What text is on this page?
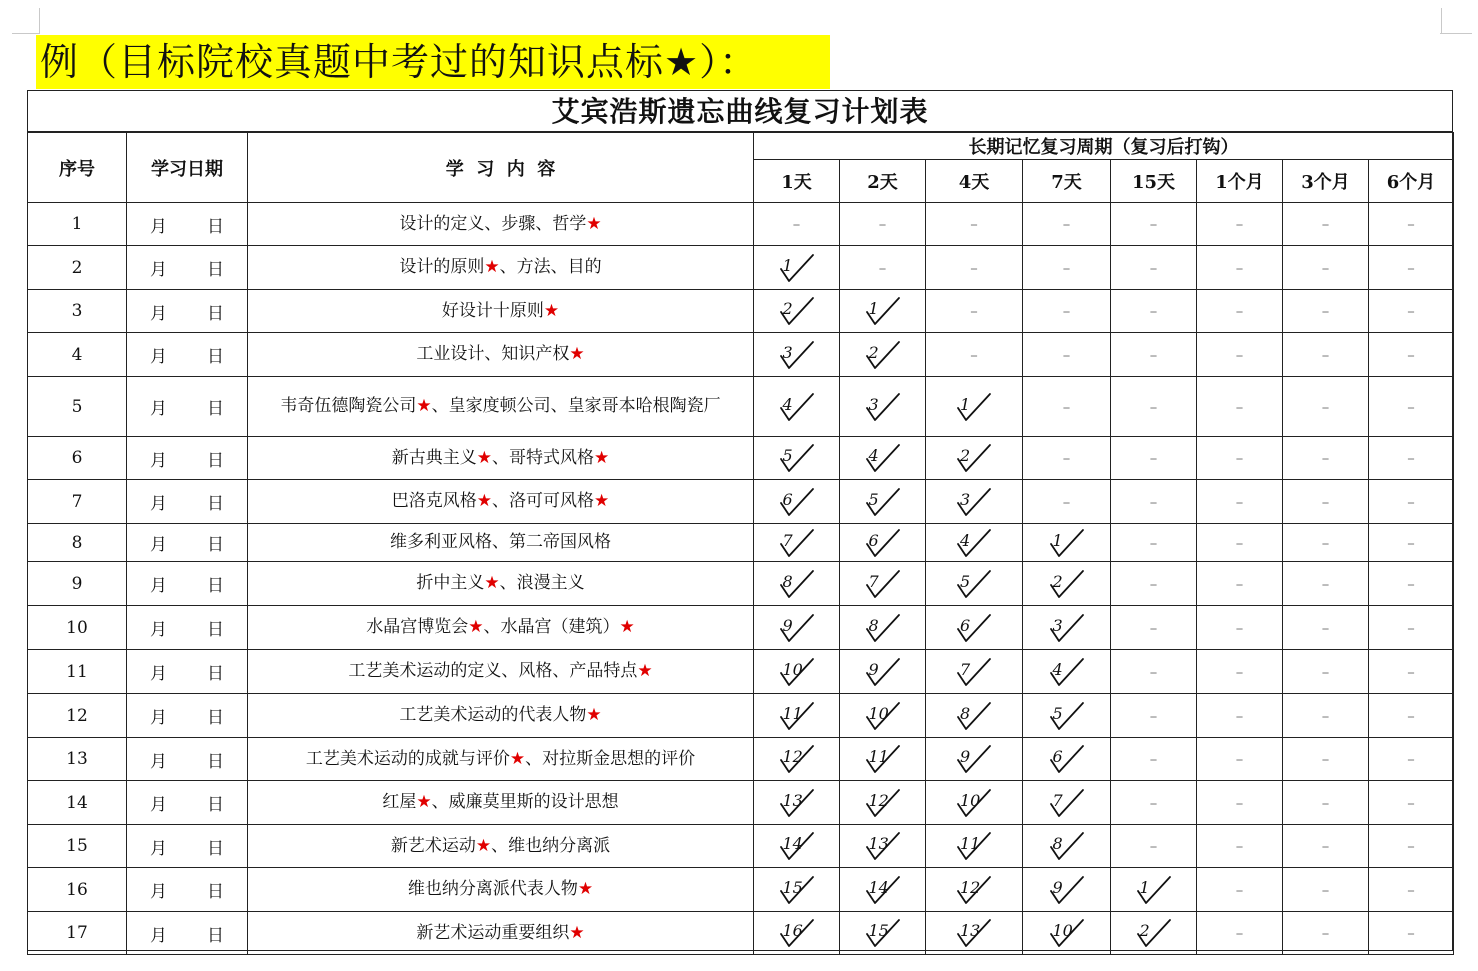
例（目标院校真题中考过的知识点标★）：
艾宾浩斯遗忘曲线复习计划表
序号	学习日期	学  习  内  容	长期记忆复习周期（复习后打钩）							
			1天	2天	4天	7天	15天	1个月	3个月	6个月
1	月 日	设计的定义、步骤、哲学★	–	–	–	–	–	–	–	–
2	月 日	设计的原则★、方法、目的	1	–	–	–	–	–	–	–
3	月 日	好设计十原则★	2	1	–	–	–	–	–	–
4	月 日	工业设计、知识产权★	3	2	–	–	–	–	–	–
5	月 日	韦奇伍德陶瓷公司★、皇家度顿公司、皇家哥本哈根陶瓷厂	4	3	1	–	–	–	–	–
6	月 日	新古典主义★、哥特式风格★	5	4	2	–	–	–	–	–
7	月 日	巴洛克风格★、洛可可风格★	6	5	3	–	–	–	–	–
8	月 日	维多利亚风格、第二帝国风格	7	6	4	1	–	–	–	–
9	月 日	折中主义★、浪漫主义	8	7	5	2	–	–	–	–
10	月 日	水晶宫博览会★、水晶宫（建筑）★	9	8	6	3	–	–	–	–
11	月 日	工艺美术运动的定义、风格、产品特点★	10	9	7	4	–	–	–	–
12	月 日	工艺美术运动的代表人物★	11	10	8	5	–	–	–	–
13	月 日	工艺美术运动的成就与评价★、对拉斯金思想的评价	12	11	9	6	–	–	–	–
14	月 日	红屋★、威廉莫里斯的设计思想	13	12	10	7	–	–	–	–
15	月 日	新艺术运动★、维也纳分离派	14	13	11	8	–	–	–	–
16	月 日	维也纳分离派代表人物★	15	14	12	9	1	–	–	–
17	月 日	新艺术运动重要组织★	16	15	13	10	2	–	–	–
